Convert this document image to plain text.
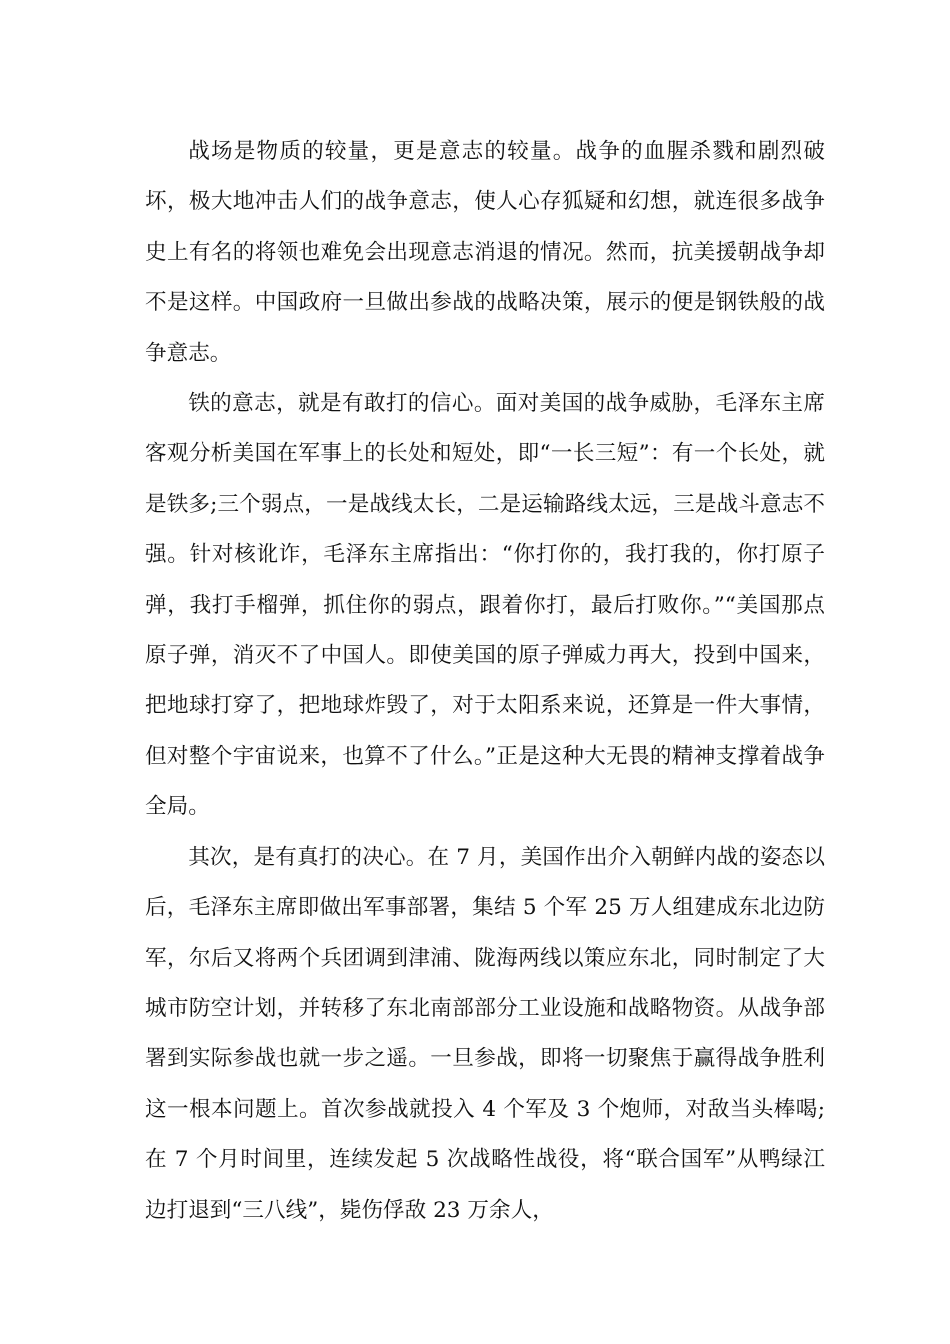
战场是物质的较量，更是意志的较量。战争的血腥杀戮和剧烈破坏，极大地冲击人们的战争意志，使人心存狐疑和幻想，就连很多战争史上有名的将领也难免会出现意志消退的情况。然而，抗美援朝战争却不是这样。中国政府一旦做出参战的战略决策，展示的便是钢铁般的战争意志。

铁的意志，就是有敢打的信心。面对美国的战争威胁，毛泽东主席客观分析美国在军事上的长处和短处，即“一长三短”：有一个长处，就是铁多;三个弱点，一是战线太长，二是运输路线太远，三是战斗意志不强。针对核讹诈，毛泽东主席指出：“你打你的，我打我的，你打原子弹，我打手榴弹，抓住你的弱点，跟着你打，最后打败你。”“美国那点原子弹，消灭不了中国人。即使美国的原子弹威力再大，投到中国来，把地球打穿了，把地球炸毁了，对于太阳系来说，还算是一件大事情，但对整个宇宙说来，也算不了什么。”正是这种大无畏的精神支撑着战争全局。

其次，是有真打的决心。在 7 月，美国作出介入朝鲜内战的姿态以后，毛泽东主席即做出军事部署，集结 5 个军 25 万人组建成东北边防军，尔后又将两个兵团调到津浦、陇海两线以策应东北，同时制定了大城市防空计划，并转移了东北南部部分工业设施和战略物资。从战争部署到实际参战也就一步之遥。一旦参战，即将一切聚焦于赢得战争胜利这一根本问题上。首次参战就投入 4 个军及 3 个炮师，对敌当头棒喝;在 7 个月时间里，连续发起 5 次战略性战役，将“联合国军”从鸭绿江边打退到“三八线”，毙伤俘敌 23 万余人，
